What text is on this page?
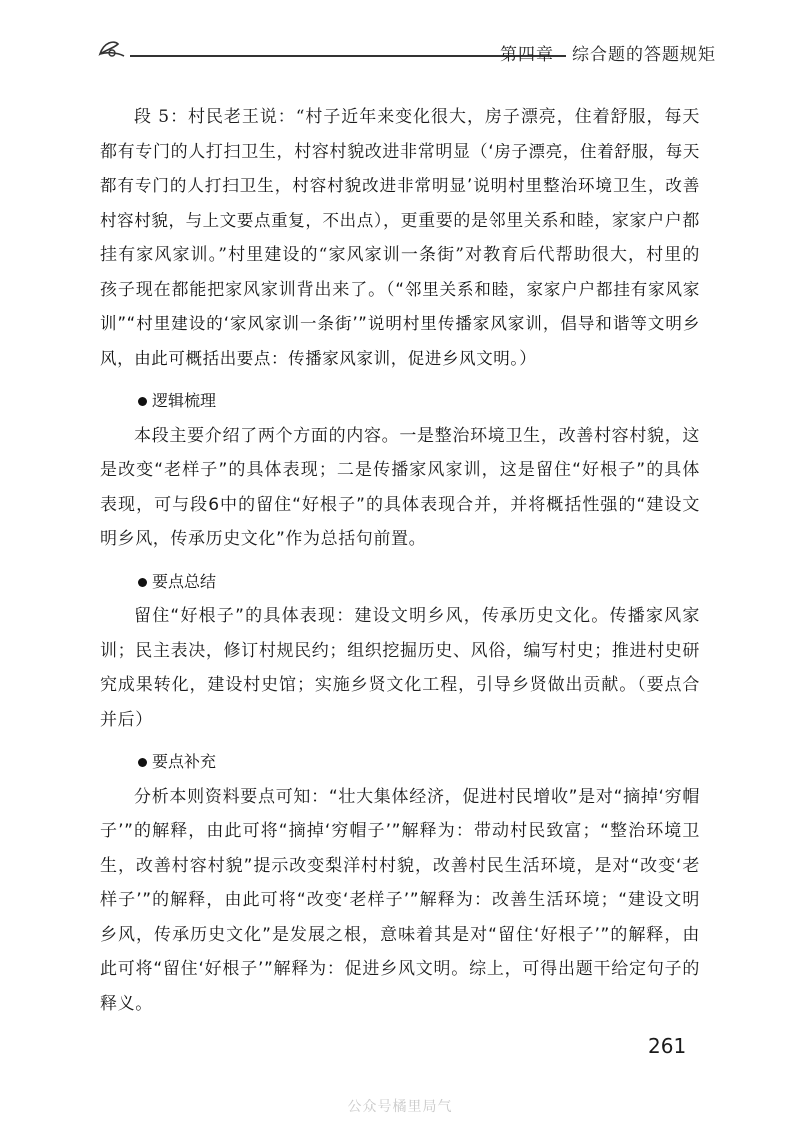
第四章 综合题的答题规矩

段 5：村民老王说：“村子近年来变化很大，房子漂亮，住着舒服，每天都有专门的人打扫卫生，村容村貌改进非常明显（‘房子漂亮，住着舒服，每天都有专门的人打扫卫生，村容村貌改进非常明显’说明村里整治环境卫生，改善村容村貌，与上文要点重复，不出点），更重要的是邻里关系和睦，家家户户都挂有家风家训。”村里建设的“家风家训一条街”对教育后代帮助很大，村里的孩子现在都能把家风家训背出来了。（“邻里关系和睦，家家户户都挂有家风家训”“村里建设的‘家风家训一条街’”说明村里传播家风家训，倡导和谐等文明乡风，由此可概括出要点：传播家风家训，促进乡风文明。）

逻辑梳理

本段主要介绍了两个方面的内容。一是整治环境卫生，改善村容村貌，这是改变“老样子”的具体表现；二是传播家风家训，这是留住“好根子”的具体表现，可与段6中的留住“好根子”的具体表现合并，并将概括性强的“建设文明乡风，传承历史文化”作为总括句前置。

要点总结

留住“好根子”的具体表现：建设文明乡风，传承历史文化。传播家风家训；民主表决，修订村规民约；组织挖掘历史、风俗，编写村史；推进村史研究成果转化，建设村史馆；实施乡贤文化工程，引导乡贤做出贡献。（要点合并后）

要点补充

分析本则资料要点可知：“壮大集体经济，促进村民增收”是对“摘掉‘穷帽子’”的解释，由此可将“摘掉‘穷帽子’”解释为：带动村民致富；“整治环境卫生，改善村容村貌”提示改变梨洋村村貌，改善村民生活环境，是对“改变‘老样子’”的解释，由此可将“改变‘老样子’”解释为：改善生活环境；“建设文明乡风，传承历史文化”是发展之根，意味着其是对“留住‘好根子’”的解释，由此可将“留住‘好根子’”解释为：促进乡风文明。综上，可得出题干给定句子的释义。

261
公众号橘里局气
